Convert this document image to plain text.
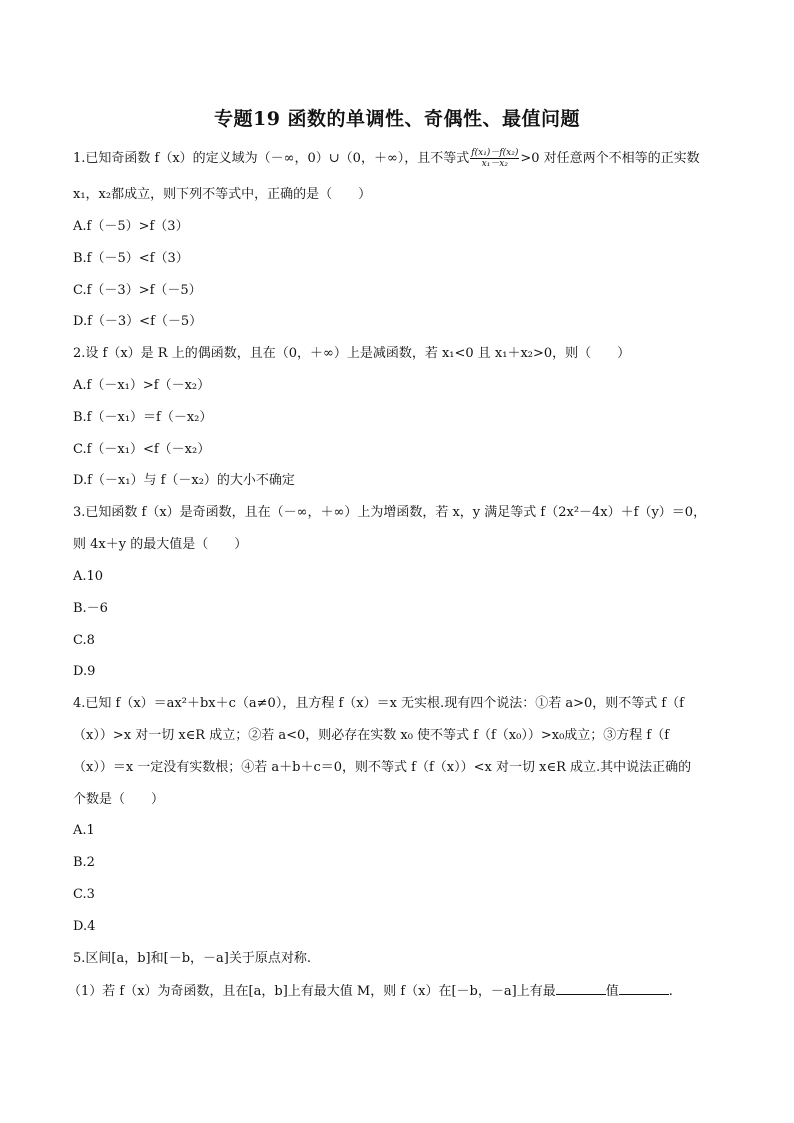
专题19 函数的单调性、奇偶性、最值问题
1.已知奇函数 f（x）的定义域为（－∞，0）∪（0，＋∞），且不等式 $\frac{\text{f(x₁)－f(x₂)}}{\text{x₁－x₂}} >0$ 对任意两个不相等的正实数
x₁，x₂都成立，则下列不等式中，正确的是（　　）
A.f（－5）>f（3）
B.f（－5）<f（3）
C.f（－3）>f（－5）
D.f（－3）<f（－5）
2.设 f（x）是 R 上的偶函数，且在（0，＋∞）上是减函数，若 x₁<0 且 x₁＋x₂>0，则（　　）
A.f（－x₁）>f（－x₂）
B.f（－x₁）＝f（－x₂）
C.f（－x₁）<f（－x₂）
D.f（－x₁）与 f（－x₂）的大小不确定
3.已知函数 f（x）是奇函数，且在（－∞，＋∞）上为增函数，若 x，y 满足等式 f（2x²－4x）＋f（y）＝0，
则 4x＋y 的最大值是（　　）
A.10
B.－6
C.8
D.9
4.已知 f（x）＝ax²＋bx＋c（a≠0），且方程 f（x）＝x 无实根.现有四个说法：①若 a>0，则不等式 f（f
（x））>x 对一切 x∈R 成立；②若 a<0，则必存在实数 x₀ 使不等式 f（f（x₀））>x₀成立；③方程 f（f
（x））＝x 一定没有实数根；④若 a＋b＋c＝0，则不等式 f（f（x））<x 对一切 x∈R 成立.其中说法正确的
个数是（　　）
A.1
B.2
C.3
D.4
5.区间[a，b]和[－b，－a]关于原点对称.
（1）若 f（x）为奇函数，且在[a，b]上有最大值 M，则 f（x）在[－b，－a]上有最	值	.
